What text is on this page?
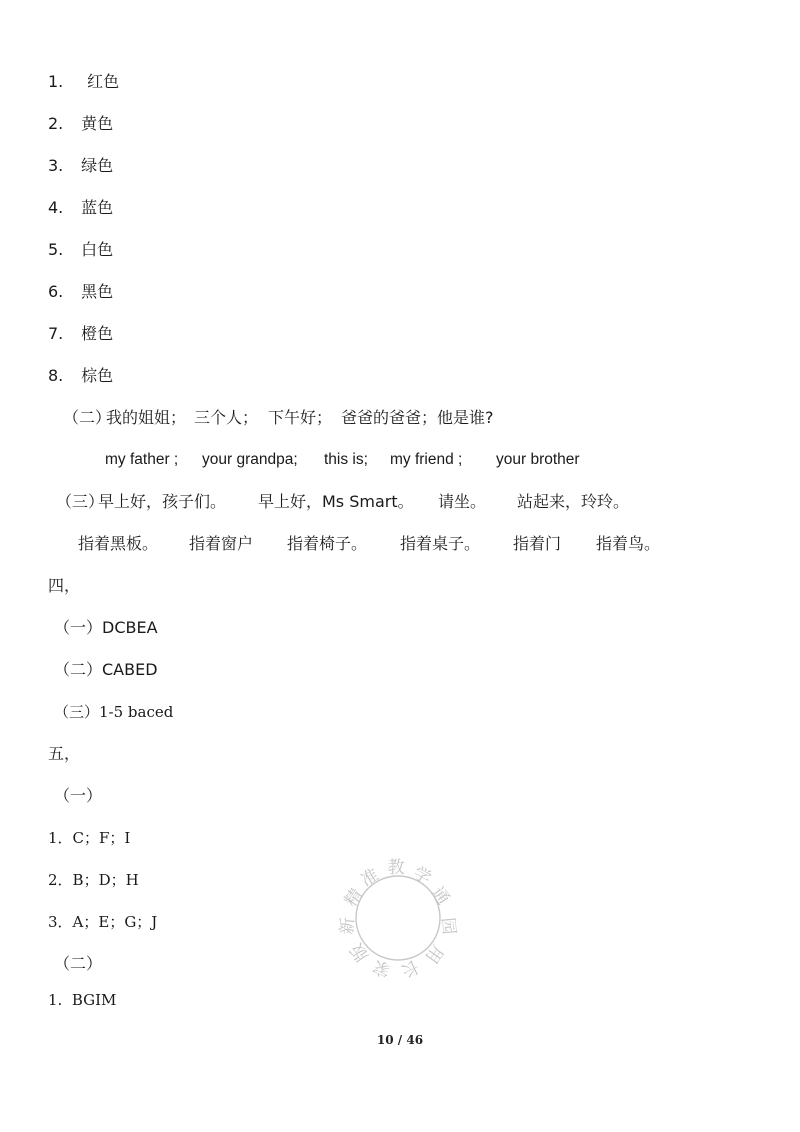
1. 红色
2. 黄色
3. 绿色
4. 蓝色
5. 白色
6. 黑色
7. 橙色
8. 棕色
（二）
我的姐姐； 三个人； 下午好； 爸爸的爸爸；他是谁?
my father ; your grandpa; this is; my friend ; your brother
（三）
早上好，孩子们。 早上好，Ms Smart。 请坐。 站起来，玲玲。
指着黑板。 指着窗户 指着椅子。 指着桌子。 指着门 指着鸟。
四，
（一）DCBEA
（二）CABED
（三）1-5 baced
五，
（一）
1．C；F；I
2．B；D；H
3．A；E；G；J
（二）
1.  BGIM
精
准 教 学
通
新	园
版
家 长
用
10 / 46
